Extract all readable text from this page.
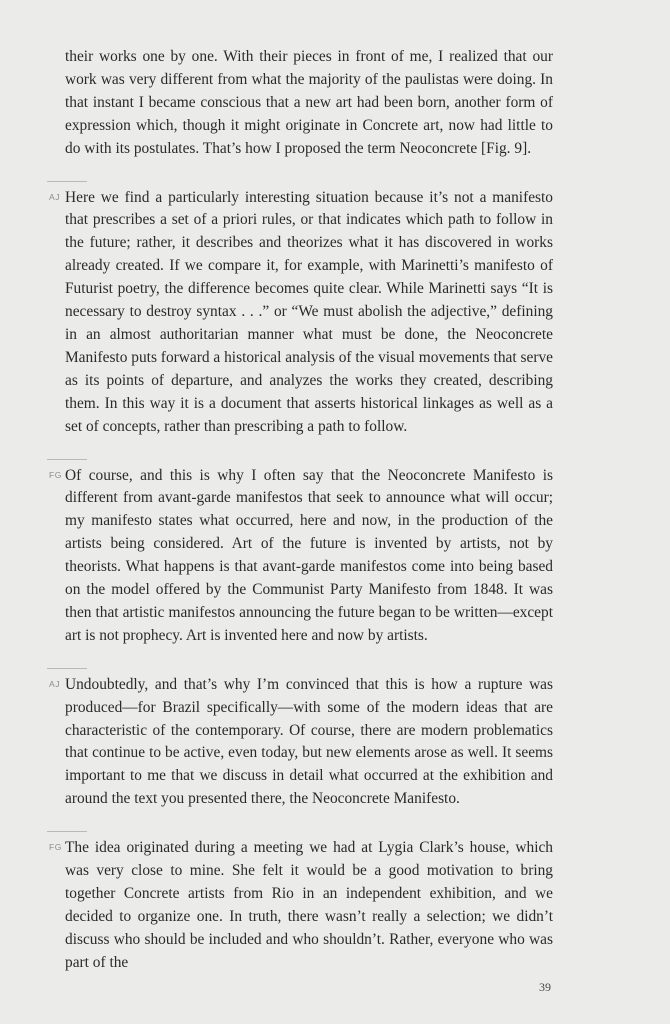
their works one by one. With their pieces in front of me, I realized that our work was very different from what the majority of the paulistas were doing. In that instant I became conscious that a new art had been born, another form of expression which, though it might originate in Concrete art, now had little to do with its postulates. That’s how I proposed the term Neoconcrete [Fig. 9].

AJ Here we find a particularly interesting situation because it’s not a manifesto that prescribes a set of a priori rules, or that indicates which path to follow in the future; rather, it describes and theorizes what it has discovered in works already created. If we compare it, for example, with Marinetti’s manifesto of Futurist poetry, the difference becomes quite clear. While Marinetti says “It is necessary to destroy syntax . . .” or “We must abolish the adjective,” defining in an almost authoritarian manner what must be done, the Neoconcrete Manifesto puts forward a historical analysis of the visual movements that serve as its points of departure, and analyzes the works they created, describing them. In this way it is a document that asserts historical linkages as well as a set of concepts, rather than prescribing a path to follow.

FG Of course, and this is why I often say that the Neoconcrete Manifesto is different from avant-garde manifestos that seek to announce what will occur; my manifesto states what occurred, here and now, in the production of the artists being considered. Art of the future is invented by artists, not by theorists. What happens is that avant-garde manifestos come into being based on the model offered by the Communist Party Manifesto from 1848. It was then that artistic manifestos announcing the future began to be written—except art is not prophecy. Art is invented here and now by artists.

AJ Undoubtedly, and that’s why I’m convinced that this is how a rupture was produced—for Brazil specifically—with some of the modern ideas that are characteristic of the contemporary. Of course, there are modern problematics that continue to be active, even today, but new elements arose as well. It seems important to me that we discuss in detail what occurred at the exhibition and around the text you presented there, the Neoconcrete Manifesto.

FG The idea originated during a meeting we had at Lygia Clark’s house, which was very close to mine. She felt it would be a good motivation to bring together Concrete artists from Rio in an independent exhibition, and we decided to organize one. In truth, there wasn’t really a selection; we didn’t discuss who should be included and who shouldn’t. Rather, everyone who was part of the

39
